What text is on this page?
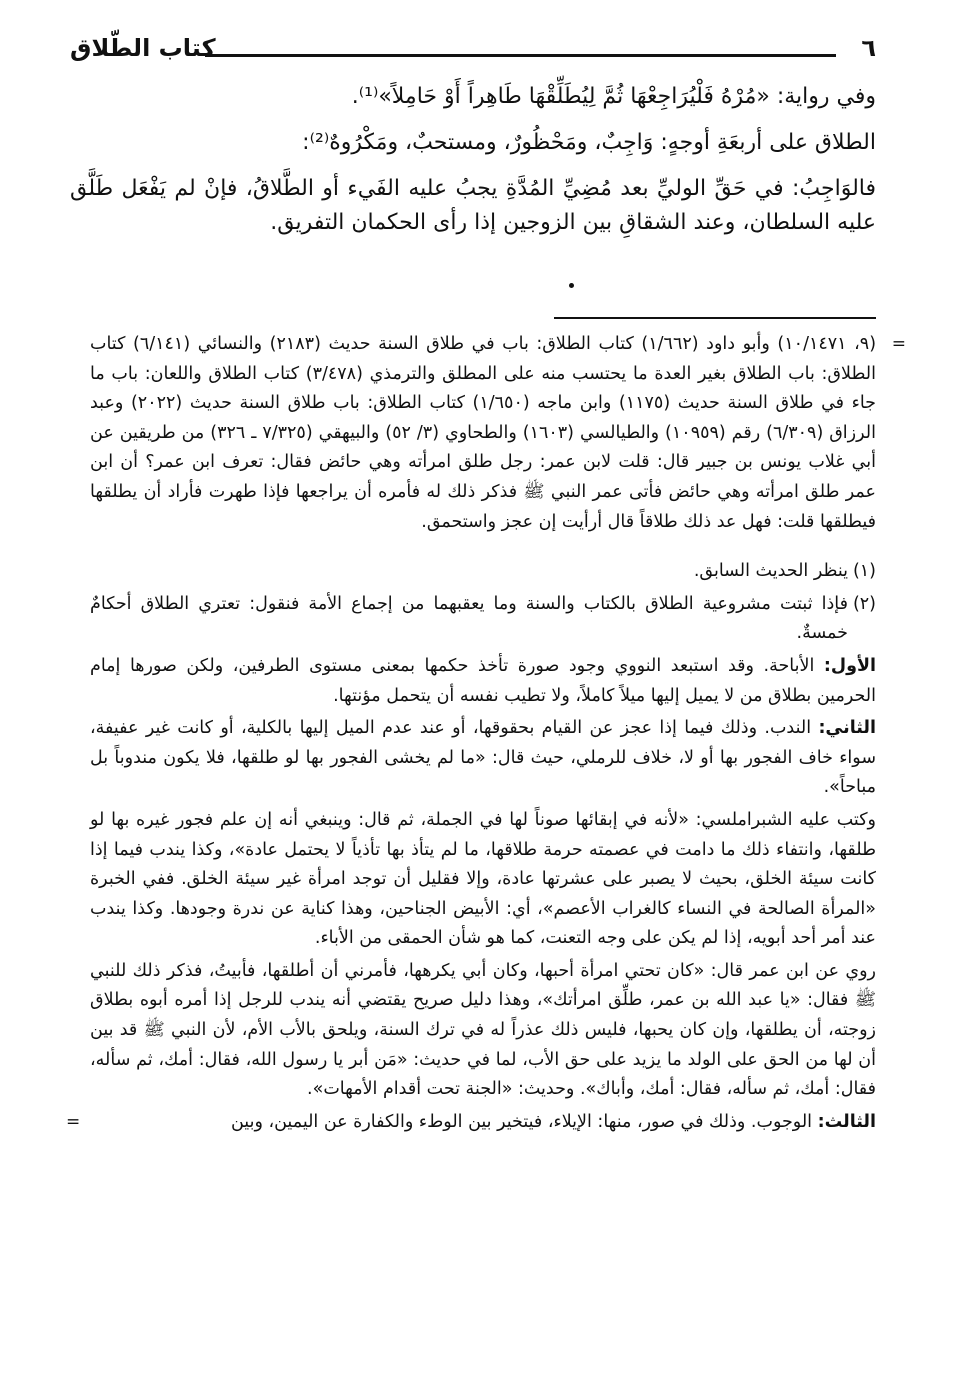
٦
كتاب الطّلاق

وفي رواية: «مُرْهُ فَلْيُرَاجِعْهَا ثُمَّ لِيُطَلِّقْهَا طَاهِراً أَوْ حَامِلاً»⁽¹⁾.

الطلاق على أربعَةِ أوجهٍ: وَاجِبٌ، ومَحْظُورٌ، ومستحبٌ، ومَكْرُوهٌ⁽²⁾:

فالوَاجِبُ: في حَقِّ الوليِّ بعد مُضِيِّ المُدَّةِ يجبُ عليه الفَيء أو الطَّلاقُ، فإنْ لم يَفْعَل طَلَّق عليه السلطان، وعند الشقاقِ بين الزوجين إذا رأى الحكمان التفريق.

=
(٩، ١٠/١٤٧١) وأبو داود (١/٦٦٢) كتاب الطلاق: باب في طلاق السنة حديث (٢١٨٣) والنسائي (٦/١٤١) كتاب الطلاق: باب الطلاق بغير العدة ما يحتسب منه على المطلق والترمذي (٣/٤٧٨) كتاب الطلاق واللعان: باب ما جاء في طلاق السنة حديث (١١٧٥) وابن ماجه (١/٦٥٠) كتاب الطلاق: باب طلاق السنة حديث (٢٠٢٢) وعبد الرزاق (٦/٣٠٩) رقم (١٠٩٥٩) والطيالسي (١٦٠٣) والطحاوي (٣/ ٥٢) والبيهقي (٧/٣٢٥ ـ ٣٢٦) من طريقين عن أبي غلاب يونس بن جبير قال: قلت لابن عمر: رجل طلق امرأته وهي حائض فقال: تعرف ابن عمر؟ أن ابن عمر طلق امرأته وهي حائض فأتى عمر النبي ﷺ فذكر ذلك له فأمره أن يراجعها فإذا طهرت فأراد أن يطلقها فيطلقها قلت: فهل عد ذلك طلاقاً قال أرأيت إن عجز واستحمق.

(١)
ينظر الحديث السابق.

(٢)
فإذا ثبتت مشروعية الطلاق بالكتاب والسنة وما يعقبهما من إجماع الأمة فنقول: تعتري الطلاق أحكامٌ خمسةٌ.

الأول: الأباحة. وقد استبعد النووي وجود صورة تأخذ حكمها بمعنى مستوى الطرفين، ولكن صورها إمام الحرمين بطلاق من لا يميل إليها ميلاً كاملاً، ولا تطيب نفسه أن يتحمل مؤنتها.

الثاني: الندب. وذلك فيما إذا عجز عن القيام بحقوقها، أو عند عدم الميل إليها بالكلية، أو كانت غير عفيفة، سواء خاف الفجور بها أو لا، خلاف للرملي، حيث قال: «ما لم يخشى الفجور بها لو طلقها، فلا يكون مندوباً بل مباحاً».

وكتب عليه الشبراملسي: «لأنه في إبقائها صوناً لها في الجملة، ثم قال: وينبغي أنه إن علم فجور غيره بها لو طلقها، وانتفاء ذلك ما دامت في عصمته حرمة طلاقها، ما لم يتأذ بها تأذياً لا يحتمل عادة»، وكذا يندب فيما إذا كانت سيئة الخلق، بحيث لا يصبر على عشرتها عادة، وإلا فقليل أن توجد امرأة غير سيئة الخلق. ففي الخبرة «المرأة الصالحة في النساء كالغراب الأعصم»، أي: الأبيض الجناحين، وهذا كناية عن ندرة وجودها. وكذا يندب عند أمر أحد أبويه، إذا لم يكن على وجه التعنت، كما هو شأن الحمقى من الأباء.

روي عن ابن عمر قال: «كان تحتي امرأة أحبها، وكان أبي يكرهها، فأمرني أن أطلقها، فأبيتُ، فذكر ذلك للنبي ﷺ فقال: «يا عبد الله بن عمر، طلِّق امرأتك»، وهذا دليل صريح يقتضي أنه يندب للرجل إذا أمره أبوه بطلاق زوجته، أن يطلقها، وإن كان يحبها، فليس ذلك عذراً له في ترك السنة، ويلحق بالأب الأم، لأن النبي ﷺ قد بين أن لها من الحق على الولد ما يزيد على حق الأب، لما في حديث: «مَن أبر يا رسول الله، فقال: أمك، ثم سأله، فقال: أمك، ثم سأله، فقال: أمك، وأباك». وحديث: «الجنة تحت أقدام الأمهات».

الثالث: الوجوب. وذلك في صور، منها: الإيلاء، فيتخير بين الوطء والكفارة عن اليمين، وبين
=
